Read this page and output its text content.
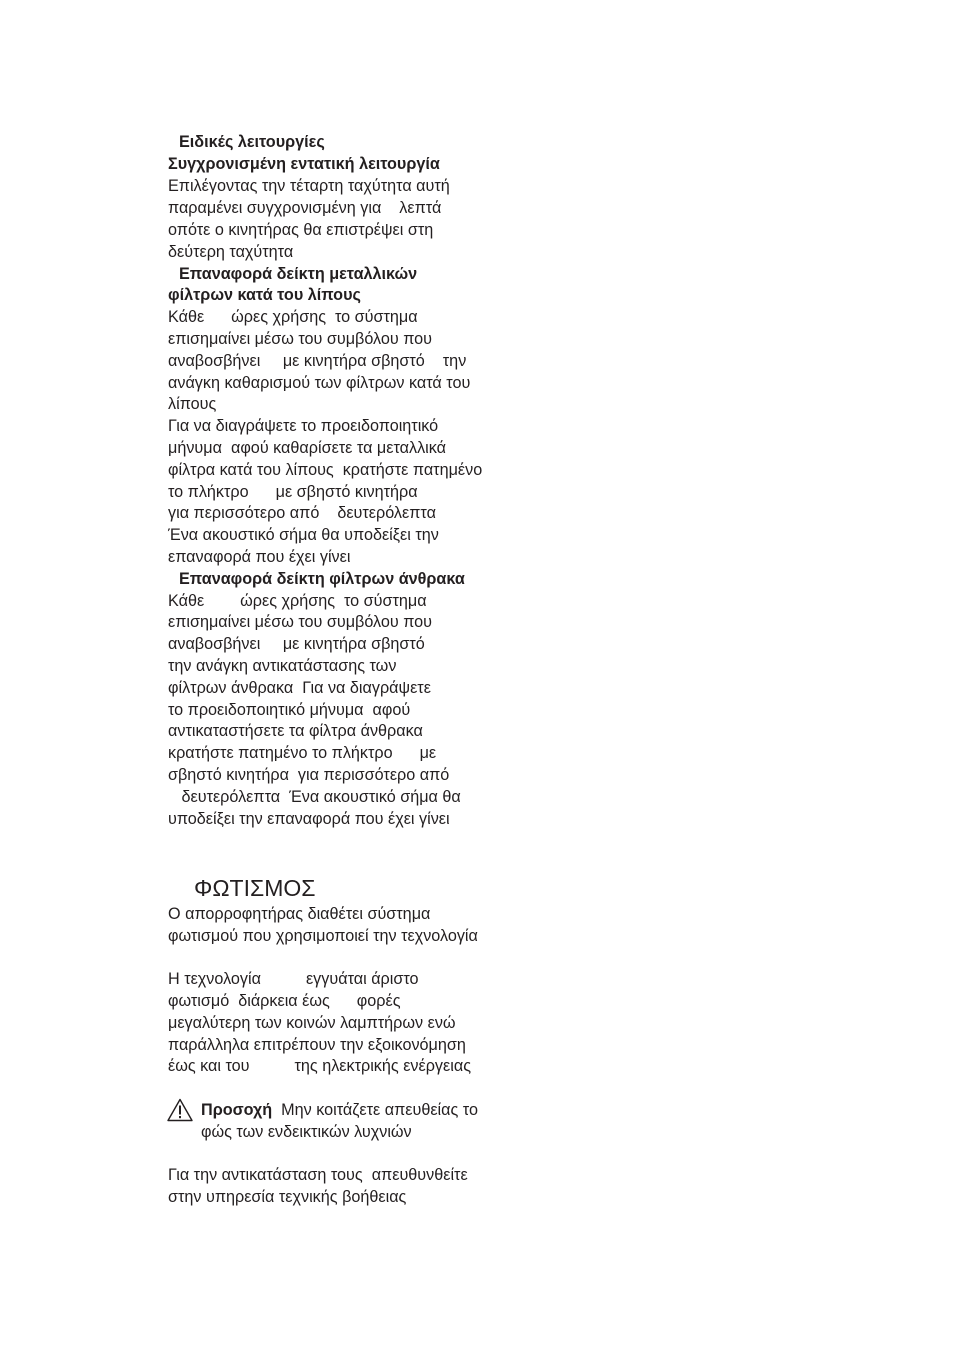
Ειδικές λειτουργίες
Συγχρονισμένη εντατική λειτουργία
Επιλέγοντας την τέταρτη ταχύτητα αυτή
παραμένει συγχρονισμένη για    λεπτά
οπότε ο κινητήρας θα επιστρέψει στη
δεύτερη ταχύτητα
Επαναφορά δείκτη μεταλλικών
φίλτρων κατά του λίπους
Κάθε      ώρες χρήσης  το σύστημα
επισημαίνει μέσω του συμβόλου που
αναβοσβήνει     με κινητήρα σβηστό    την
ανάγκη καθαρισμού των φίλτρων κατά του
λίπους
Για να διαγράψετε το προειδοποιητικό
μήνυμα  αφού καθαρίσετε τα μεταλλικά
φίλτρα κατά του λίπους  κρατήστε πατημένο
το πλήκτρο      με σβηστό κινητήρα
για περισσότερο από    δευτερόλεπτα
Ένα ακουστικό σήμα θα υποδείξει την
επαναφορά που έχει γίνει
Επαναφορά δείκτη φίλτρων άνθρακα
Κάθε        ώρες χρήσης  το σύστημα
επισημαίνει μέσω του συμβόλου που
αναβοσβήνει     με κινητήρα σβηστό
την ανάγκη αντικατάστασης των
φίλτρων άνθρακα  Για να διαγράψετε
το προειδοποιητικό μήνυμα  αφού
αντικαταστήσετε τα φίλτρα άνθρακα
κρατήστε πατημένο το πλήκτρο      με
σβηστό κινητήρα  για περισσότερο από
δευτερόλεπτα  Ένα ακουστικό σήμα θα
υποδείξει την επαναφορά που έχει γίνει
ΦΩΤΙΣΜΟΣ
Ο απορροφητήρας διαθέτει σύστημα
φωτισμού που χρησιμοποιεί την τεχνολογία
Η τεχνολογία          εγγυάται άριστο
φωτισμό  διάρκεια έως      φορές
μεγαλύτερη των κοινών λαμπτήρων ενώ
παράλληλα επιτρέπουν την εξοικονόμηση
έως και του          της ηλεκτρικής ενέργειας
Προσοχή  Μην κοιτάζετε απευθείας το
φώς των ενδεικτικών λυχνιών
Για την αντικατάσταση τους  απευθυνθείτε
στην υπηρεσία τεχνικής βοήθειας
